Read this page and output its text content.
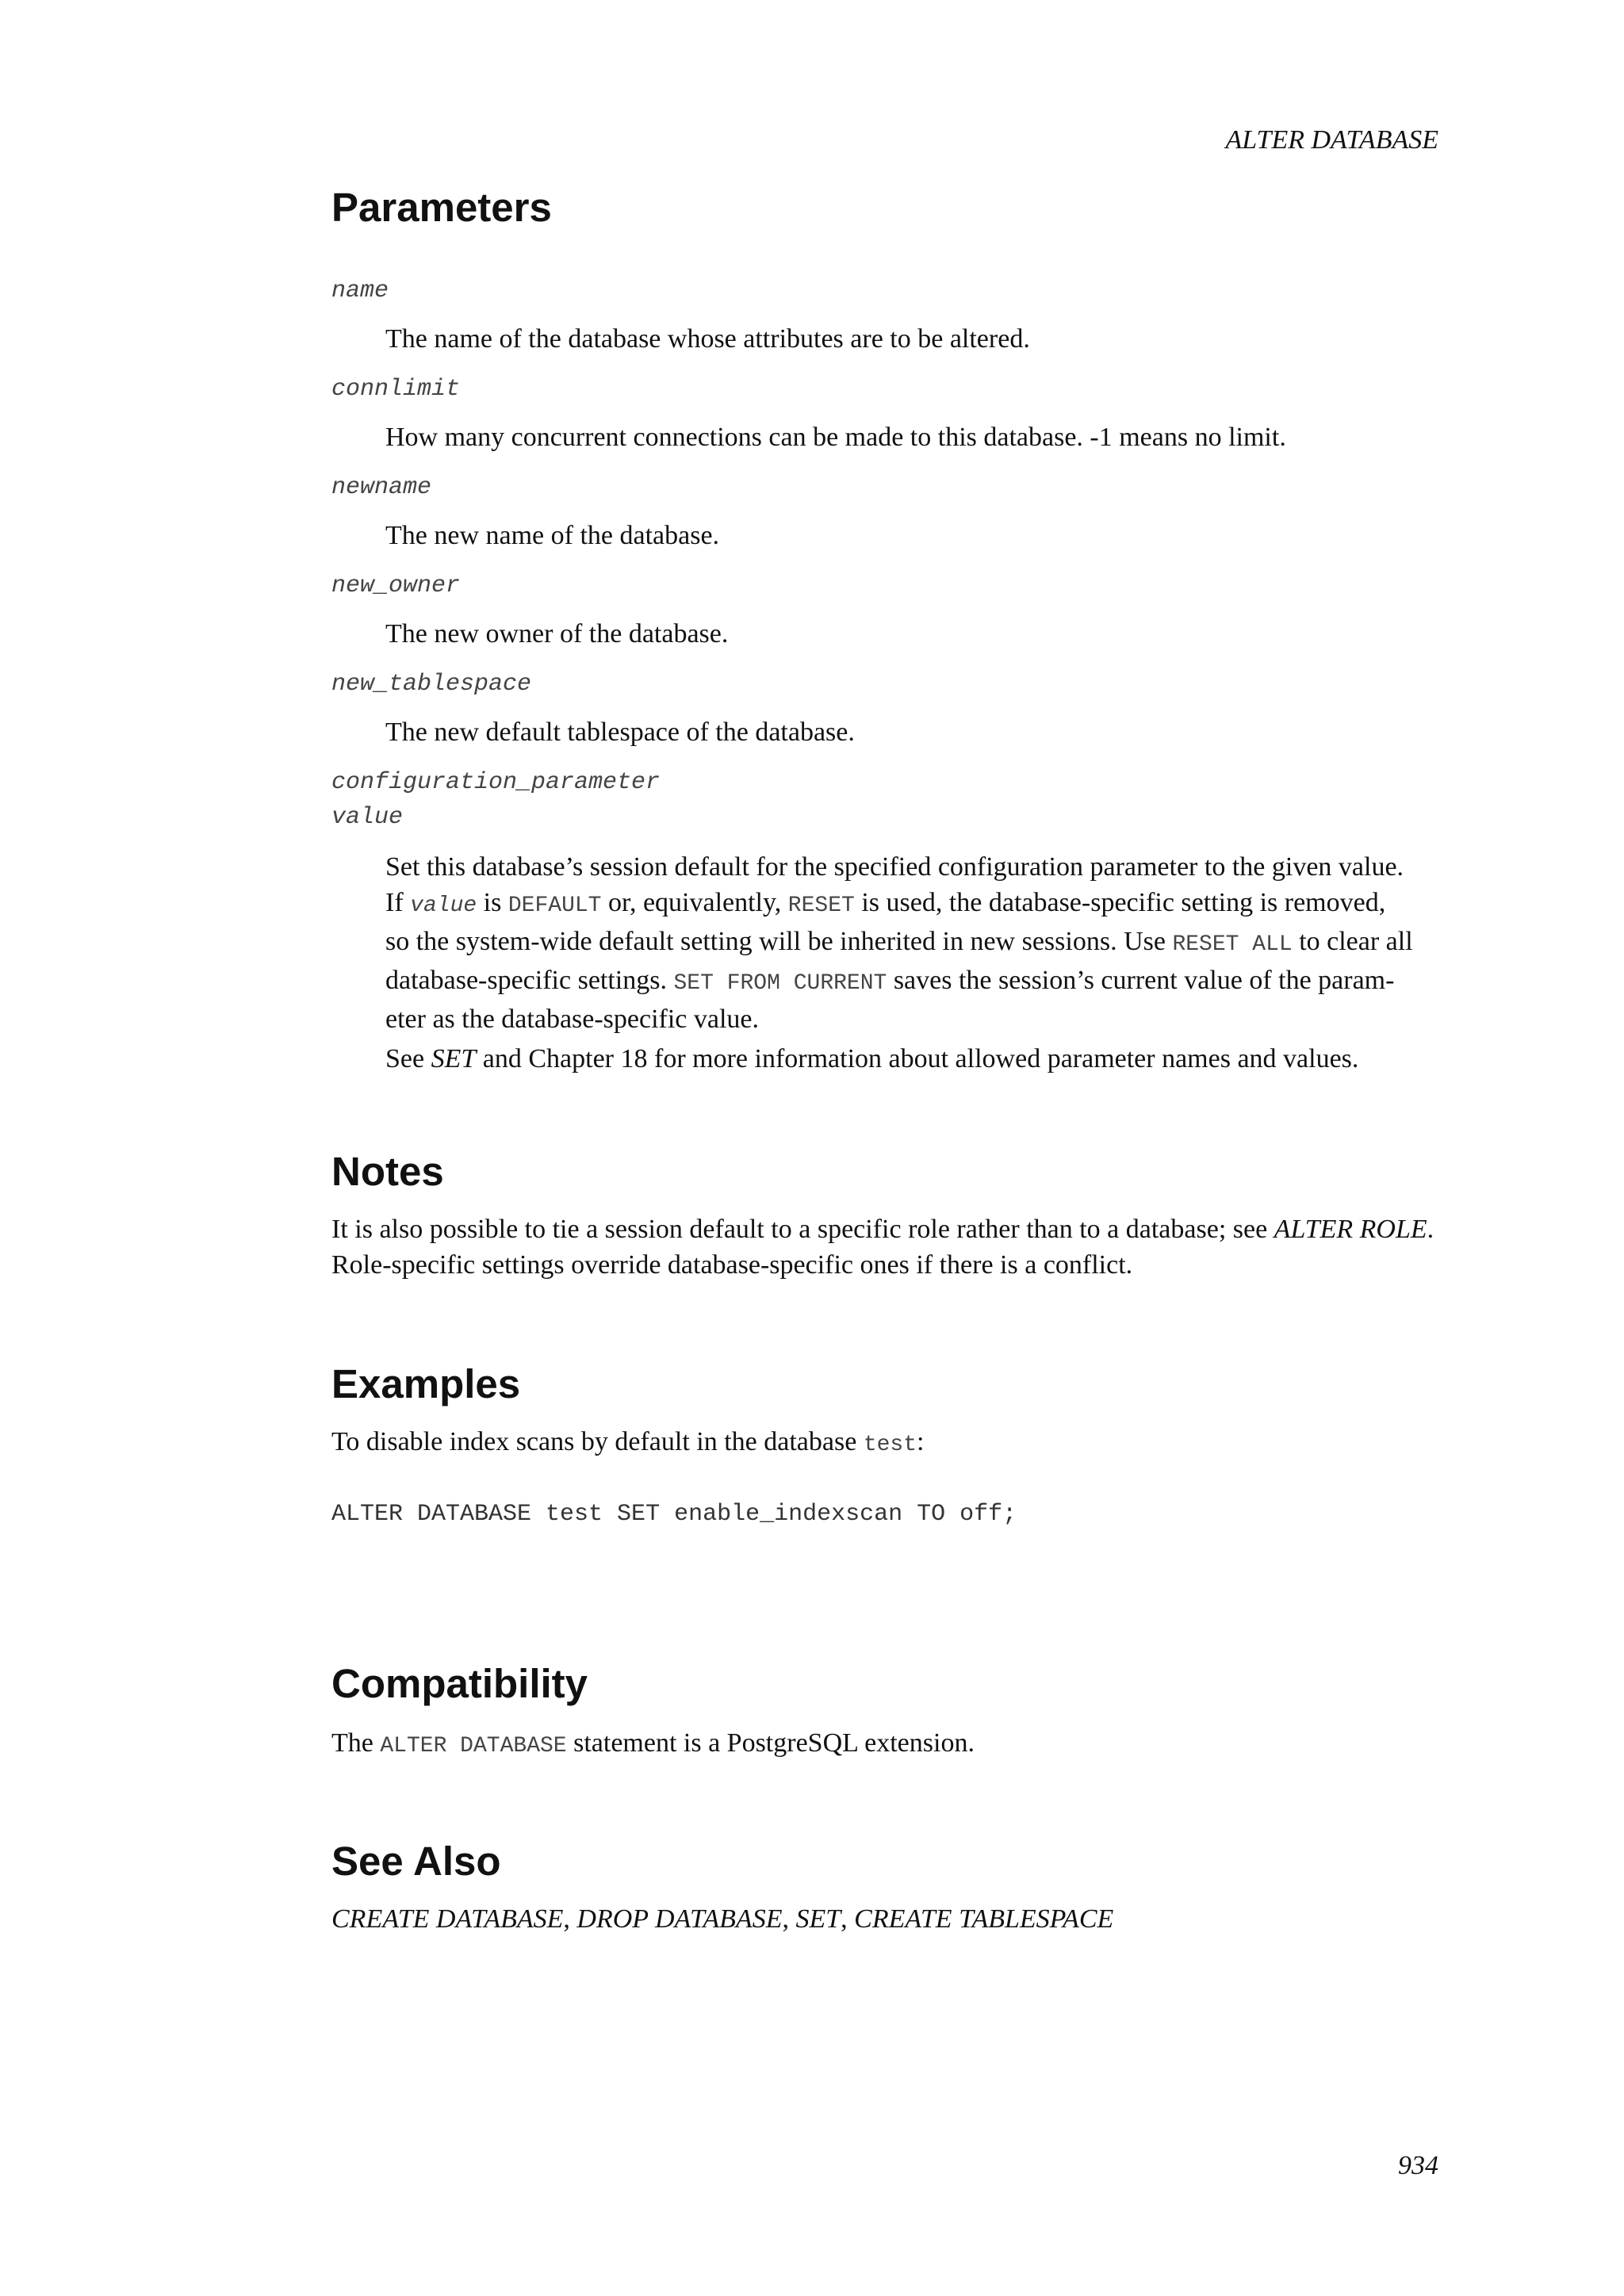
ALTER DATABASE
Parameters

name

The name of the database whose attributes are to be altered.

connlimit

How many concurrent connections can be made to this database. -1 means no limit.

newname

The new name of the database.

new_owner

The new owner of the database.

new_tablespace

The new default tablespace of the database.

configuration_parameter

value

Set this database’s session default for the specified configuration parameter to the given value.

If value is DEFAULT or, equivalently, RESET is used, the database-specific setting is removed,

so the system-wide default setting will be inherited in new sessions. Use RESET ALL to clear all

database-specific settings. SET FROM CURRENT saves the session’s current value of the param-

eter as the database-specific value.

See SET and Chapter 18 for more information about allowed parameter names and values.

Notes

It is also possible to tie a session default to a specific role rather than to a database; see ALTER ROLE.

Role-specific settings override database-specific ones if there is a conflict.

Examples

To disable index scans by default in the database test:

ALTER DATABASE test SET enable_indexscan TO off;

Compatibility

The ALTER DATABASE statement is a PostgreSQL extension.

See Also

CREATE DATABASE, DROP DATABASE, SET, CREATE TABLESPACE

934
